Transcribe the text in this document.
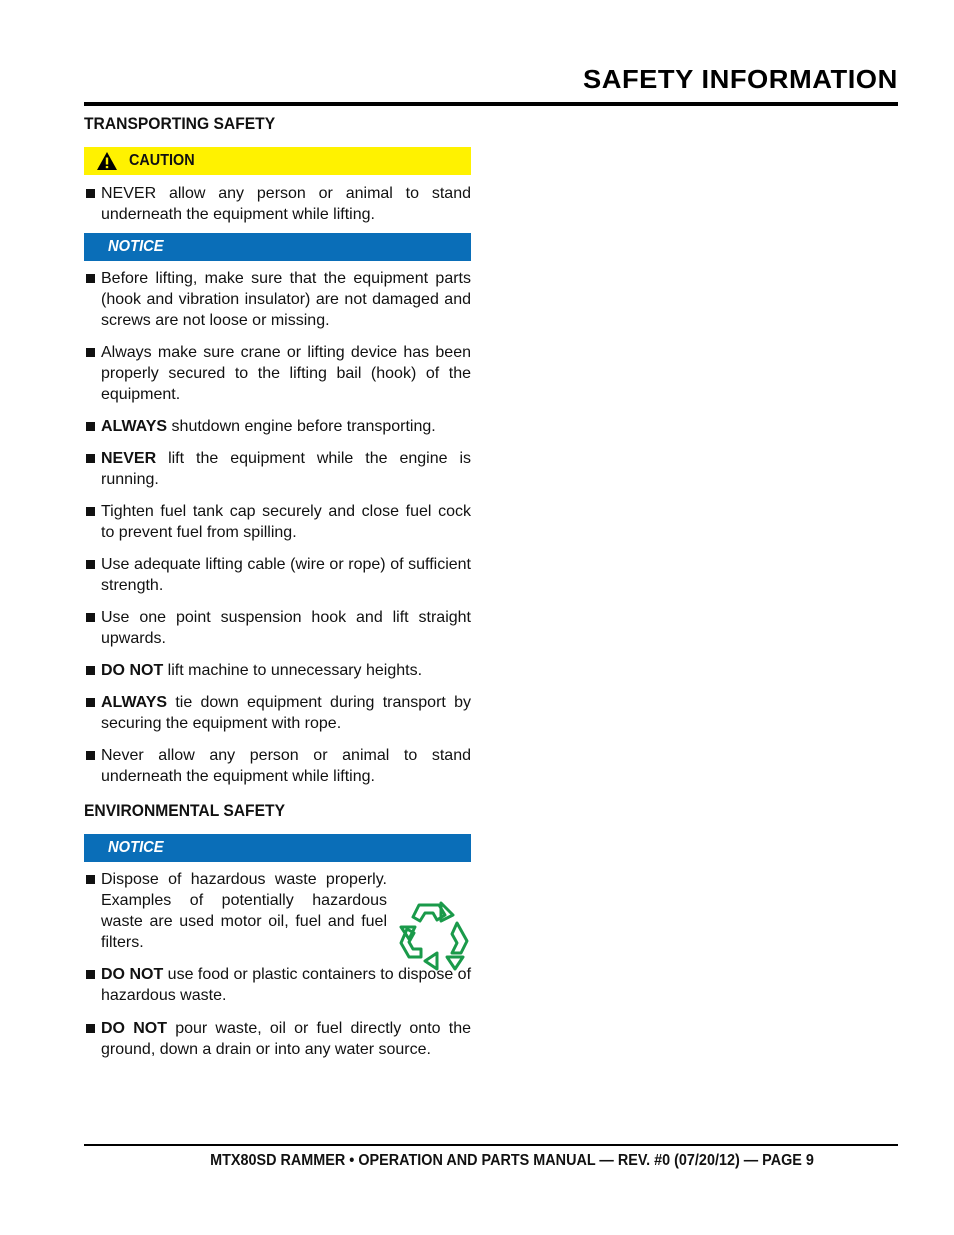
SAFETY INFORMATION
TRANSPORTING SAFETY
CAUTION
NEVER allow any person or animal to stand underneath the equipment while lifting.
NOTICE
Before lifting, make sure that the equipment parts (hook and vibration insulator) are not damaged and screws are not loose or missing.
Always make sure crane or lifting device has been properly secured to the lifting bail (hook) of the equipment.
ALWAYS shutdown engine before transporting.
NEVER lift the equipment while the engine is running.
Tighten fuel tank cap securely and close fuel cock to prevent fuel from spilling.
Use adequate lifting cable (wire or rope) of sufficient strength.
Use one point suspension hook and lift straight upwards.
DO NOT lift machine to unnecessary heights.
ALWAYS tie down equipment during transport by securing the equipment with rope.
Never allow any person or animal to stand underneath the equipment while lifting.
ENVIRONMENTAL SAFETY
NOTICE
Dispose of hazardous waste properly. Examples of potentially hazardous waste are used motor oil, fuel and fuel filters.
DO NOT use food or plastic containers to dispose of hazardous waste.
DO NOT pour waste, oil or fuel directly onto the ground, down a drain or into any water source.

MTX80SD RAMMER • OPERATION AND PARTS MANUAL — REV. #0 (07/20/12) — PAGE 9
